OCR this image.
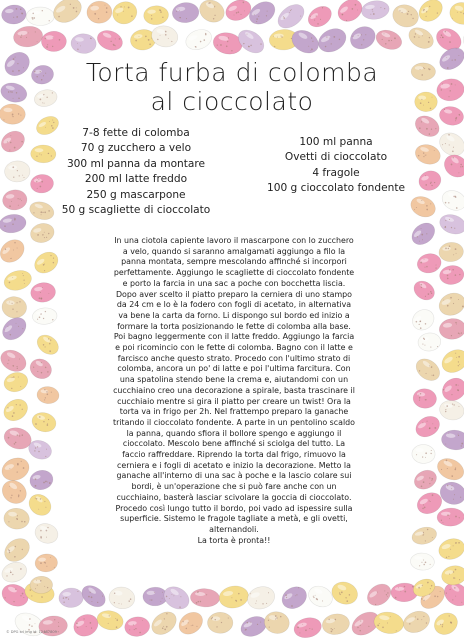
Torta furba di colomba
al cioccolato
7-8 fette di colomba
70 g zucchero a velo
300 ml panna da montare
200 ml latte freddo
250 g mascarpone
50 g scagliette di cioccolato
100 ml panna
Ovetti di cioccolato
4 fragole
100 g cioccolato fondente
In una ciotola capiente lavoro il mascarpone con lo zucchero
a velo, quando si saranno amalgamati aggiungo a filo la
panna montata, sempre mescolando affinché si incorpori
perfettamente. Aggiungo le scagliette di cioccolato fondente
e porto la farcia in una sac a poche con bocchetta liscia.
Dopo aver scelto il piatto preparo la cerniera di uno stampo
da 24 cm e lo è la fodero con fogli di acetato, in alternativa
va bene la carta da forno. Li dispongo sul bordo ed inizio a
formare la torta posizionando le fette di colomba alla base.
Poi bagno leggermente con il latte freddo. Aggiungo la farcia
e poi ricomincio con le fette di colomba. Bagno con il latte e
farcisco anche questo strato. Procedo con l'ultimo strato di
colomba, ancora un po' di latte e poi l'ultima farcitura. Con
una spatolina stendo bene la crema e, aiutandomi con un
cucchiaino creo una decorazione a spirale, basta trascinare il
cucchiaio mentre si gira il piatto per creare un twist! Ora la
torta va in frigo per 2h. Nel frattempo preparo la ganache
tritando il cioccolato fondente. A parte in un pentolino scaldo
la panna, quando sfiora il bollore spengo e aggiungo il
cioccolato. Mescolo bene affinché si sciolga del tutto. La
faccio raffreddare. Riprendo la torta dal frigo, rimuovo la
cerniera e i fogli di acetato e inizio la decorazione. Metto la
ganache all'interno di una sac à poche e la lascio colare sui
bordi, è un'operazione che si può fare anche con un
cucchiaino, basterà lasciar scivolare la goccia di cioccolato.
Procedo così lungo tutto il bordo, poi vado ad ispessire sulla
superficie. Sistemo le fragole tagliate a metà, e gli ovetti,
alternandoli.
La torta è pronta!!
© DPG srl img id: 12487809
